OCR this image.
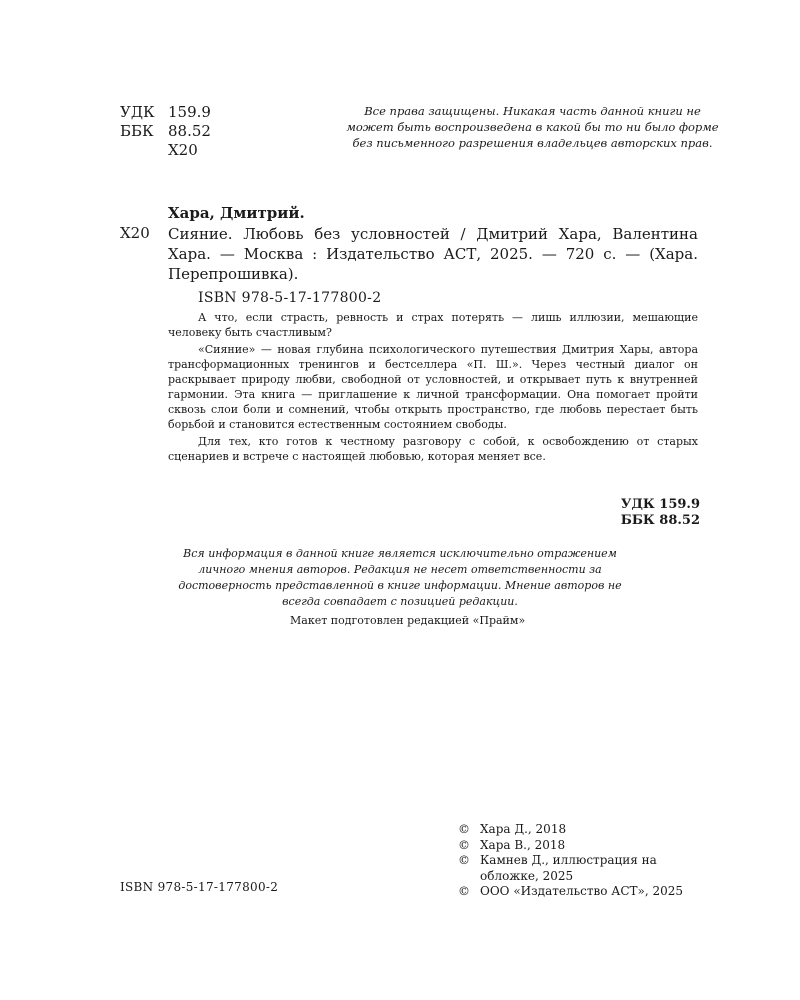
УДК 159.9
ББК 88.52
Х20
Все права защищены. Никакая часть данной книги не может быть воспроизведена в какой бы то ни было форме без письменного разрешения владельцев авторских прав.
Хара, Дмитрий.
Х20 Сияние. Любовь без условностей / Дмитрий Хара, Валентина Хара. — Москва : Издательство АСТ, 2025. — 720 с. — (Хара. Перепрошивка).
ISBN 978-5-17-177800-2

А что, если страсть, ревность и страх потерять — лишь иллюзии, мешающие человеку быть счастливым?

«Сияние» — новая глубина психологического путешествия Дмитрия Хары, автора трансформационных тренингов и бестселлера «П. Ш.». Через честный диалог он раскрывает природу любви, свободной от условностей, и открывает путь к внутренней гармонии. Эта книга — приглашение к личной трансформации. Она помогает пройти сквозь слои боли и сомнений, чтобы открыть пространство, где любовь перестает быть борьбой и становится естественным состоянием свободы.

Для тех, кто готов к честному разговору с собой, к освобождению от старых сценариев и встрече с настоящей любовью, которая меняет все.

УДК 159.9
ББК 88.52
Вся информация в данной книге является исключительно отражением личного мнения авторов. Редакция не несет ответственности за достоверность представленной в книге информации. Мнение авторов не всегда совпадает с позицией редакции.
Макет подготовлен редакцией «Прайм»
ISBN 978-5-17-177800-2
© Хара Д., 2018
© Хара В., 2018
© Камнев Д., иллюстрация на обложке, 2025
© ООО «Издательство АСТ», 2025
